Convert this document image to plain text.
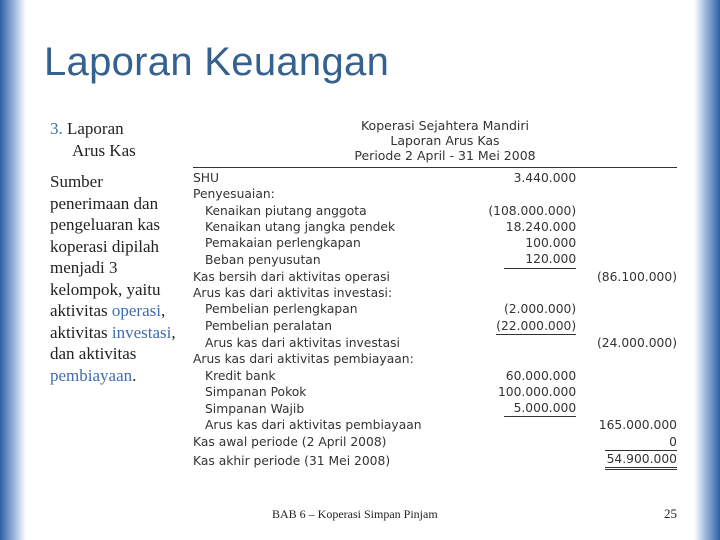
Laporan Keuangan

3. Laporan
Arus Kas

Sumber penerimaan dan pengeluaran kas koperasi dipilah menjadi 3 kelompok, yaitu aktivitas operasi, aktivitas investasi, dan aktivitas pembiayaan.

Koperasi Sejahtera Mandiri
Laporan Arus Kas
Periode 2 April - 31 Mei 2008
SHU	3.440.000		
Penyesuaian:			
Kenaikan piutang anggota	(108.000.000)		
Kenaikan utang jangka pendek	18.240.000		
Pemakaian perlengkapan	100.000		
Beban penyusutan	120.000		
Kas bersih dari aktivitas operasi			(86.100.000)
Arus kas dari aktivitas investasi:			
Pembelian perlengkapan	(2.000.000)		
Pembelian peralatan	(22.000.000)		
Arus kas dari aktivitas investasi			(24.000.000)
Arus kas dari aktivitas pembiayaan:			
Kredit bank	60.000.000		
Simpanan Pokok	100.000.000		
Simpanan Wajib	5.000.000		
Arus kas dari aktivitas pembiayaan			165.000.000
Kas awal periode (2 April 2008)			0
Kas akhir periode (31 Mei 2008)			54.900.000
BAB 6 – Koperasi Simpan Pinjam	25
